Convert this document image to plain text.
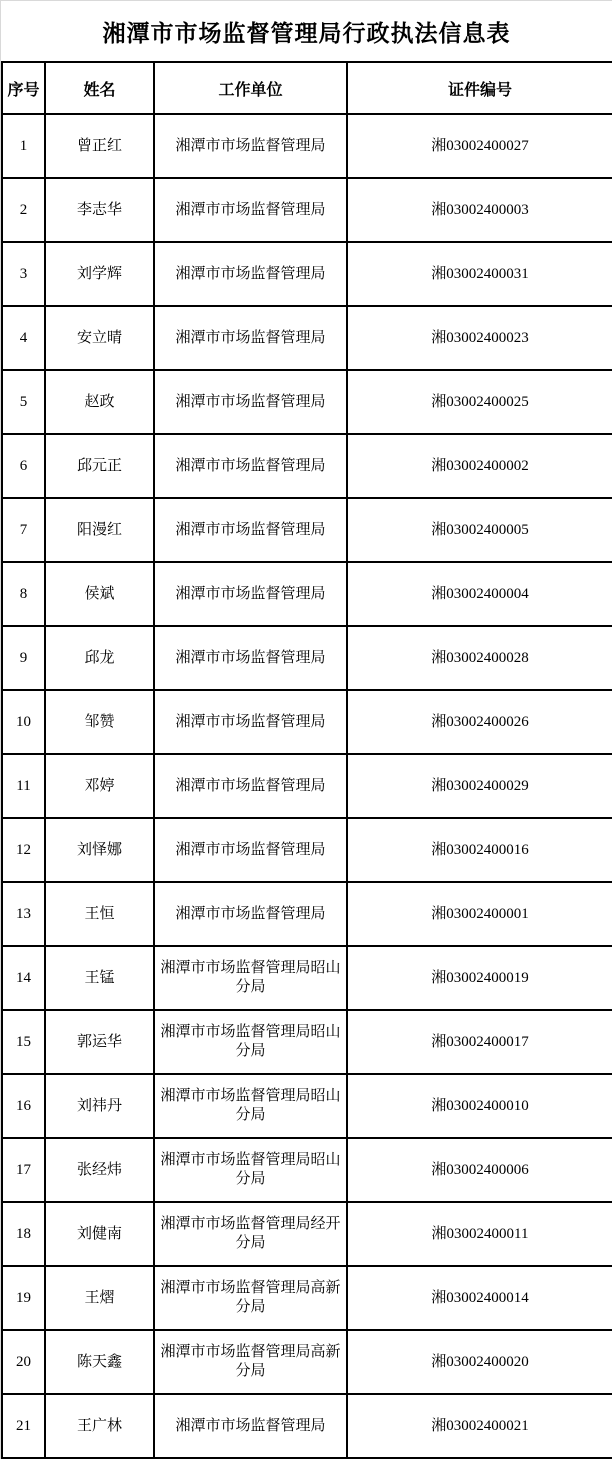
湘潭市市场监督管理局行政执法信息表
序号	姓名	工作单位	证件编号
1	曾正红	湘潭市市场监督管理局	湘03002400027
2	李志华	湘潭市市场监督管理局	湘03002400003
3	刘学辉	湘潭市市场监督管理局	湘03002400031
4	安立晴	湘潭市市场监督管理局	湘03002400023
5	赵政	湘潭市市场监督管理局	湘03002400025
6	邱元正	湘潭市市场监督管理局	湘03002400002
7	阳漫红	湘潭市市场监督管理局	湘03002400005
8	侯斌	湘潭市市场监督管理局	湘03002400004
9	邱龙	湘潭市市场监督管理局	湘03002400028
10	邹赞	湘潭市市场监督管理局	湘03002400026
11	邓婷	湘潭市市场监督管理局	湘03002400029
12	刘怿娜	湘潭市市场监督管理局	湘03002400016
13	王恒	湘潭市市场监督管理局	湘03002400001
14	王锰	湘潭市市场监督管理局昭山分局	湘03002400019
15	郭运华	湘潭市市场监督管理局昭山分局	湘03002400017
16	刘祎丹	湘潭市市场监督管理局昭山分局	湘03002400010
17	张经炜	湘潭市市场监督管理局昭山分局	湘03002400006
18	刘健南	湘潭市市场监督管理局经开分局	湘03002400011
19	王熠	湘潭市市场监督管理局高新分局	湘03002400014
20	陈天鑫	湘潭市市场监督管理局高新分局	湘03002400020
21	王广林	湘潭市市场监督管理局	湘03002400021
